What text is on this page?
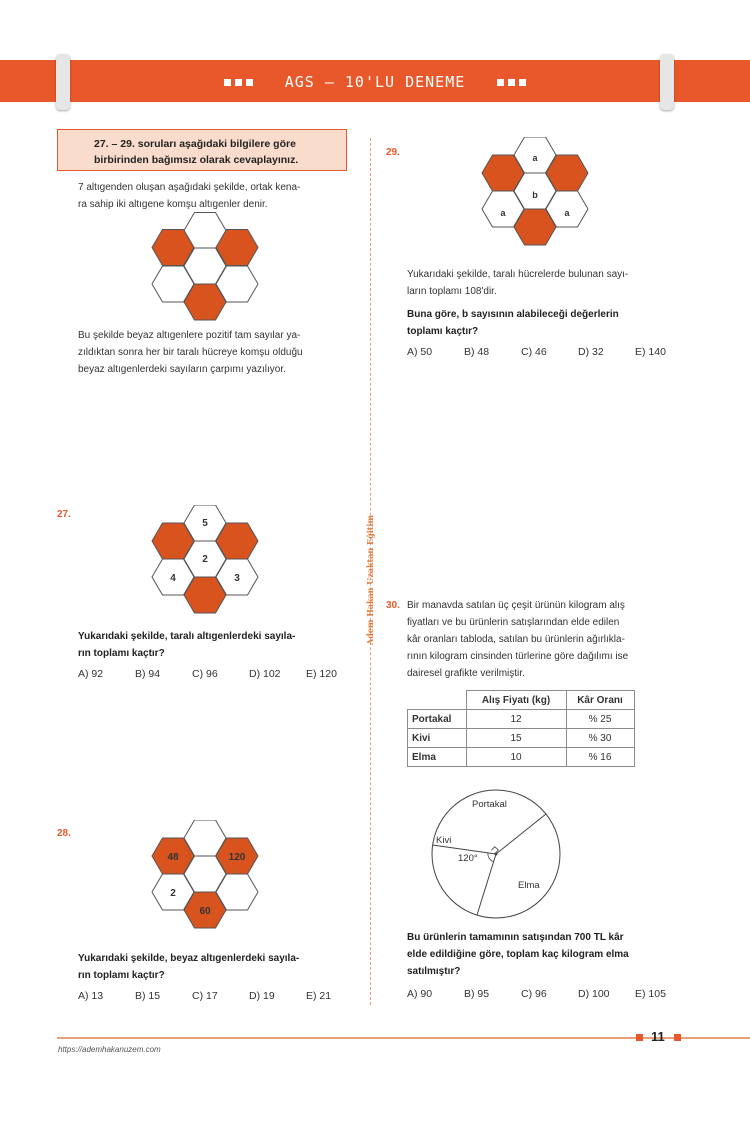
AGS – 10'LU DENEME
Adem Hakan Uzaktan Eğitim
27. – 29. soruları aşağıdaki bilgilere göre
birbirinden bağımsız olarak cevaplayınız.
7 altıgenden oluşan aşağıdaki şekilde, ortak kena-
ra sahip iki altıgene komşu altıgenler denir.
Bu şekilde beyaz altıgenlere pozitif tam sayılar ya-
zıldıktan sonra her bir taralı hücreye komşu olduğu
beyaz altıgenlerdeki sayıların çarpımı yazılıyor.
27.
5
2
4	3
Yukarıdaki şekilde, taralı altıgenlerdeki sayıla-
rın toplamı kaçtır?
A) 92	B) 94	C) 96	D) 102 E) 120
28.
48	120
2
60
Yukarıdaki şekilde, beyaz altıgenlerdeki sayıla-
rın toplamı kaçtır?
A) 13	B) 15	C) 17	D) 19	E) 21
29.	a
b
a	a
Yukarıdaki şekilde, taralı hücrelerde bulunan sayı-
ların toplamı 108'dir.
Buna göre, b sayısının alabileceği değerlerin
toplamı kaçtır?
A) 50	B) 48	C) 46	D) 32	E) 140
30. Bir manavda satılan üç çeşit ürünün kilogram alış
fiyatları ve bu ürünlerin satışlarından elde edilen
kâr oranları tabloda, satılan bu ürünlerin ağırlıkla-
rının kilogram cinsinden türlerine göre dağılımı ise
dairesel grafikte verilmiştir.
	Alış Fiyatı (kg)	Kâr Oranı
Portakal	12	% 25
Kivi	15	% 30
Elma	10	% 16
Portakal
Kivi
Elma
120°
Bu ürünlerin tamamının satışından 700 TL kâr
elde edildiğine göre, toplam kaç kilogram elma
satılmıştır?
A) 90	B) 95	C) 96	D) 100 E) 105
11
https://ademhakanuzem.com
